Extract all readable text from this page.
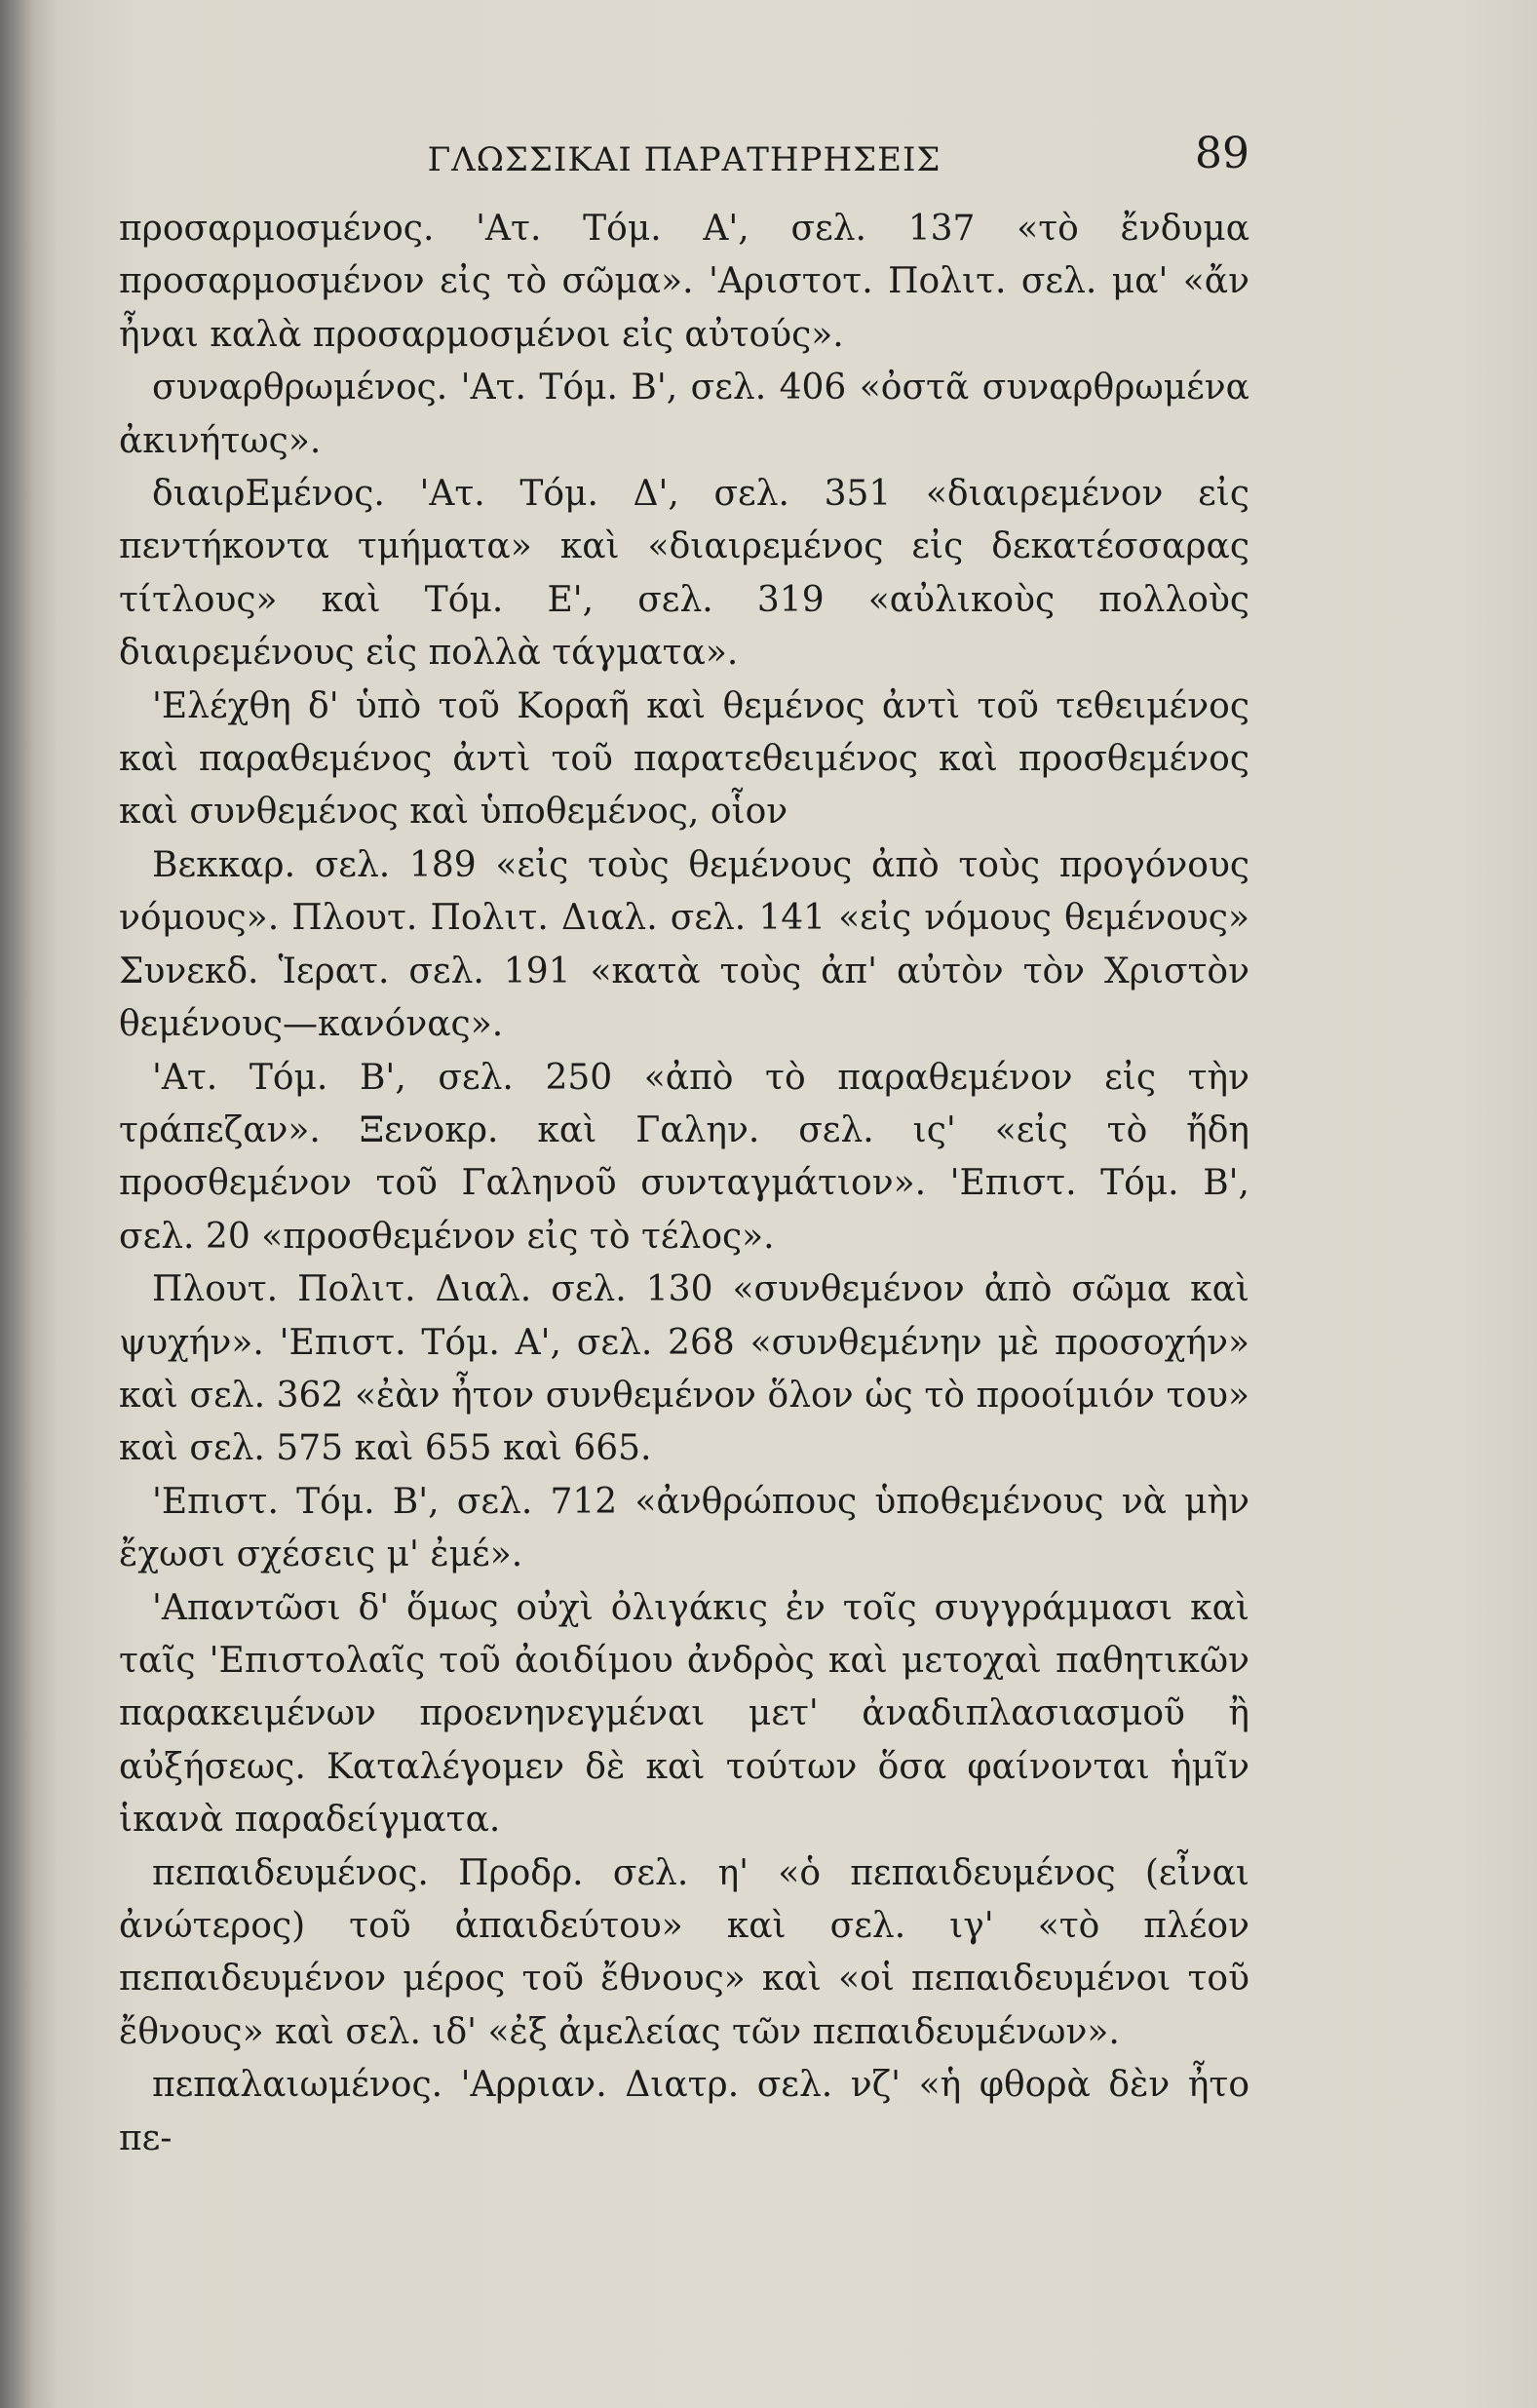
ΓΛΩΣΣΙΚΑΙ ΠΑΡΑΤΗΡΗΣΕΙΣ	89

προσαρμοσμένος. 'Ατ. Τόμ. Α', σελ. 137 «τὸ ἔνδυμα προσαρμοσμένον εἰς τὸ σῶμα». 'Αριστοτ. Πολιτ. σελ. μα' «ἄν ἦναι καλὰ προσαρμοσμένοι εἰς αὐτούς».

συναρθρωμένος. 'Ατ. Τόμ. Β', σελ. 406 «ὀστᾶ συναρθρωμένα ἀκινήτως».

διαιρΕμένος. 'Ατ. Τόμ. Δ', σελ. 351 «διαιρεμένον εἰς πεντήκοντα τμήματα» καὶ «διαιρεμένος εἰς δεκατέσσαρας τίτλους» καὶ Τόμ. Ε', σελ. 319 «αὐλικοὺς πολλοὺς διαιρεμένους εἰς πολλὰ τάγματα».

'Ελέχθη δ' ὑπὸ τοῦ Κοραῆ καὶ θεμένος ἀντὶ τοῦ τεθειμένος καὶ παραθεμένος ἀντὶ τοῦ παρατεθειμένος καὶ προσθεμένος καὶ συνθεμένος καὶ ὑποθεμένος, οἷον

Βεκκαρ. σελ. 189 «εἰς τοὺς θεμένους ἀπὸ τοὺς προγόνους νόμους». Πλουτ. Πολιτ. Διαλ. σελ. 141 «εἰς νόμους θεμένους» Συνεκδ. Ἱερατ. σελ. 191 «κατὰ τοὺς ἀπ' αὐτὸν τὸν Χριστὸν θεμένους—κανόνας».

'Ατ. Τόμ. Β', σελ. 250 «ἀπὸ τὸ παραθεμένον εἰς τὴν τράπεζαν». Ξενοκρ. καὶ Γαλην. σελ. ις' «εἰς τὸ ἤδη προσθεμένον τοῦ Γαληνοῦ συνταγμάτιον». 'Επιστ. Τόμ. Β', σελ. 20 «προσθεμένον εἰς τὸ τέλος».

Πλουτ. Πολιτ. Διαλ. σελ. 130 «συνθεμένον ἀπὸ σῶμα καὶ ψυχήν». 'Επιστ. Τόμ. Α', σελ. 268 «συνθεμένην μὲ προσοχήν» καὶ σελ. 362 «ἐὰν ἦτον συνθεμένον ὅλον ὡς τὸ προοίμιόν του» καὶ σελ. 575 καὶ 655 καὶ 665.

'Επιστ. Τόμ. Β', σελ. 712 «ἀνθρώπους ὑποθεμένους νὰ μὴν ἔχωσι σχέσεις μ' ἐμέ».

'Απαντῶσι δ' ὅμως οὐχὶ ὀλιγάκις ἐν τοῖς συγγράμμασι καὶ ταῖς 'Επιστολαῖς τοῦ ἀοιδίμου ἀνδρὸς καὶ μετοχαὶ παθητικῶν παρακειμένων προενηνεγμέναι μετ' ἀναδιπλασιασμοῦ ἢ αὐξήσεως. Καταλέγομεν δὲ καὶ τούτων ὅσα φαίνονται ἡμῖν ἱκανὰ παραδείγματα.

πεπαιδευμένος. Προδρ. σελ. η' «ὁ πεπαιδευμένος (εἶναι ἀνώτερος) τοῦ ἀπαιδεύτου» καὶ σελ. ιγ' «τὸ πλέον πεπαιδευμένον μέρος τοῦ ἔθνους» καὶ «οἱ πεπαιδευμένοι τοῦ ἔθνους» καὶ σελ. ιδ' «ἐξ ἀμελείας τῶν πεπαιδευμένων».

πεπαλαιωμένος. 'Αρριαν. Διατρ. σελ. νζ' «ἡ φθορὰ δὲν ἦτο πε-
